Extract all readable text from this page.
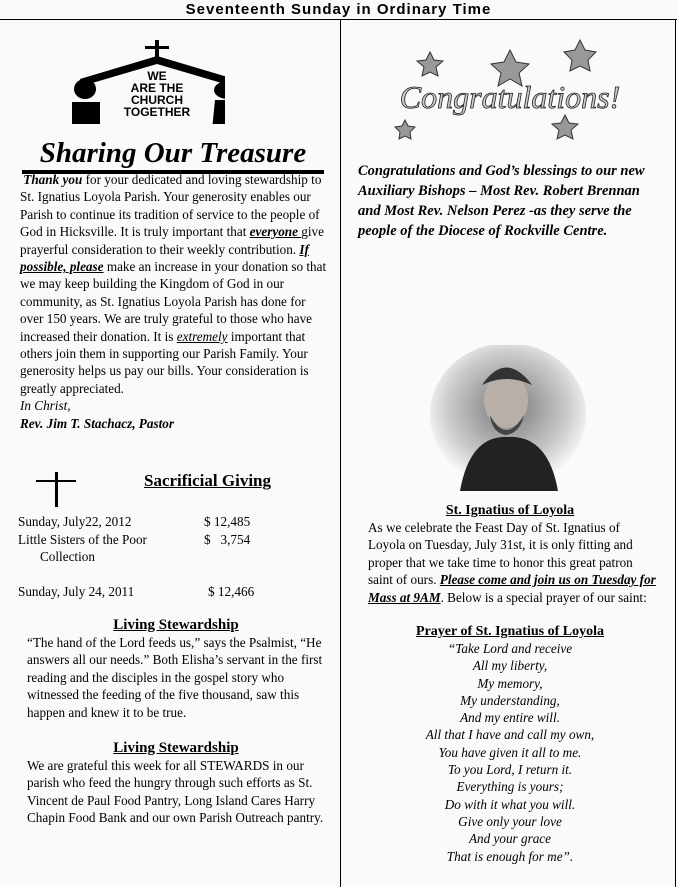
Seventeenth Sunday in Ordinary Time
WE
ARE THE
CHURCH
TOGETHER
Sharing Our Treasure
Thank you for your dedicated and loving stewardship to St. Ignatius Loyola Parish. Your generosity enables our Parish to continue its tradition of service to the people of God in Hicksville. It is truly important that everyone give prayerful consideration to their weekly contribution. If possible, please make an increase in your donation so that we may keep building the Kingdom of God in our community, as St. Ignatius Loyola Parish has done for over 150 years. We are truly grateful to those who have increased their donation. It is extremely important that others join them in supporting our Parish Family. Your generosity helps us pay our bills. Your consideration is greatly appreciated.
In Christ,
Rev. Jim T. Stachacz, Pastor
Sacrificial Giving
Sunday, July22, 2012	$ 12,485
Little Sisters of the Poor	$   3,754
Collection
Sunday, July 24, 2011	$ 12,466
Living Stewardship
“The hand of the Lord feeds us,” says the Psalmist, “He answers all our needs.” Both Elisha’s servant in the first reading and the disciples in the gospel story who witnessed the feeding of the five thousand, saw this happen and knew it to be true.
Living Stewardship
We are grateful this week for all STEWARDS in our parish who feed the hungry through such efforts as St. Vincent de Paul Food Pantry, Long Island Cares Harry Chapin Food Bank and our own Parish Outreach pantry.
Congratulations!
Congratulations and God’s blessings to our new Auxiliary Bishops – Most Rev. Robert Brennan and Most Rev. Nelson Perez -as they serve the people of the Diocese of Rockville Centre.
St. Ignatius of Loyola
As we celebrate the Feast Day of St. Ignatius of Loyola on Tuesday, July 31st, it is only fitting and proper that we take time to honor this great patron saint of ours. Please come and join us on Tuesday for Mass at 9AM. Below is a special prayer of our saint:
Prayer of St. Ignatius of Loyola
“Take Lord and receive
All my liberty,
My memory,
My understanding,
And my entire will.
All that I have and call my own,
You have given it all to me.
To you Lord, I return it.
Everything is yours;
Do with it what you will.
Give only your love
And your grace
That is enough for me”.
